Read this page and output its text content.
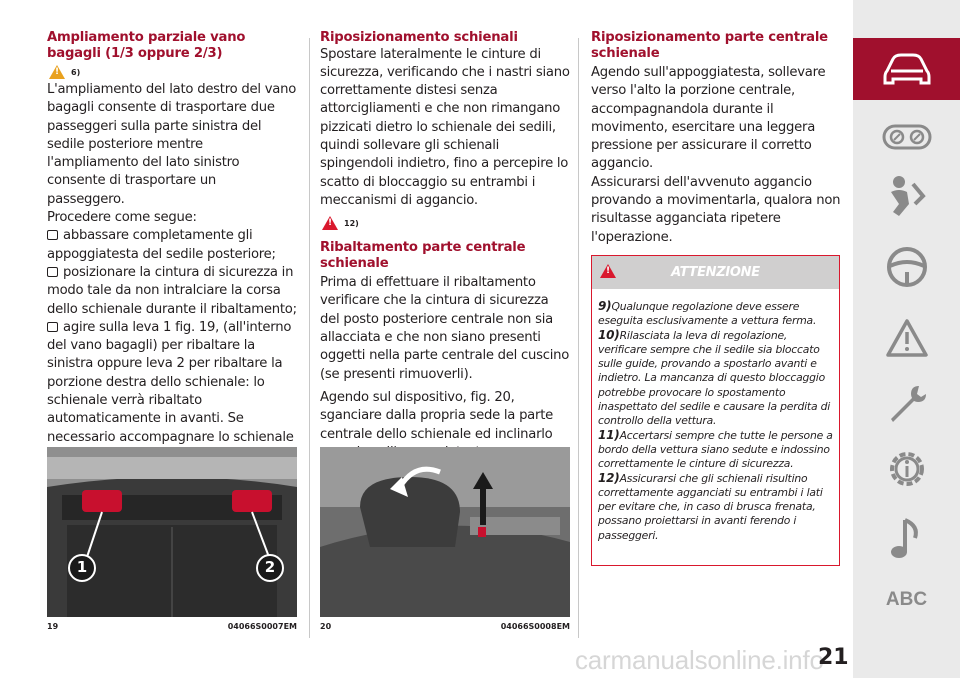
Ampliamento parziale vano bagagli (1/3 oppure 2/3)
!
6)

L'ampliamento del lato destro del vano bagagli consente di trasportare due passeggeri sulla parte sinistra del sedile posteriore mentre l'ampliamento del lato sinistro consente di trasportare un passeggero.

Procedere come segue:

abbassare completamente gli appoggiatesta del sedile posteriore;

posizionare la cintura di sicurezza in modo tale da non intralciare la corsa dello schienale durante il ribaltamento;

agire sulla leva 1 fig. 19, (all'interno del vano bagagli) per ribaltare la sinistra oppure leva 2 per ribaltare la porzione destra dello schienale: lo schienale verrà ribaltato automaticamente in avanti. Se necessario accompagnare lo schienale

1	2
19	04066S0007EM
Riposizionamento schienali
Spostare lateralmente le cinture di sicurezza, verificando che i nastri siano correttamente distesi senza attorcigliamenti e che non rimangano pizzicati dietro lo schienale dei sedili, quindi sollevare gli schienali spingendoli indietro, fino a percepire lo scatto di bloccaggio su entrambi i meccanismi di aggancio.
!
12)
Ribaltamento parte centrale schienale
Prima di effettuare il ribaltamento verificare che la cintura di sicurezza del posto posteriore centrale non sia allacciata e che non siano presenti oggetti nella parte centrale del cuscino (se presenti rimuoverli).
Agendo sul dispositivo, fig. 20, sganciare dalla propria sede la parte centrale dello schienale ed inclinarlo
20	04066S0008EM
Riposizionamento parte centrale schienale
Agendo sull'appoggiatesta, sollevare verso l'alto la porzione centrale, accompagnandola durante il movimento, esercitare una leggera pressione per assicurare il corretto aggancio.
Assicurarsi dell'avvenuto aggancio provando a movimentarla, qualora non risultasse agganciata ripetere l'operazione.
!
ATTENZIONE
9)Qualunque regolazione deve essere eseguita esclusivamente a vettura ferma.
10)Rilasciata la leva di regolazione, verificare sempre che il sedile sia bloccato sulle guide, provando a spostarlo avanti e indietro. La mancanza di questo bloccaggio potrebbe provocare lo spostamento inaspettato del sedile e causare la perdita di controllo della vettura.
11)Accertarsi sempre che tutte le persone a bordo della vettura siano sedute e indossino correttamente le cinture di sicurezza.
12)Assicurarsi che gli schienali risultino correttamente agganciati su entrambi i lati per evitare che, in caso di brusca frenata, possano proiettarsi in avanti ferendo i passeggeri.
ABC
carmanualsonline.info
21
